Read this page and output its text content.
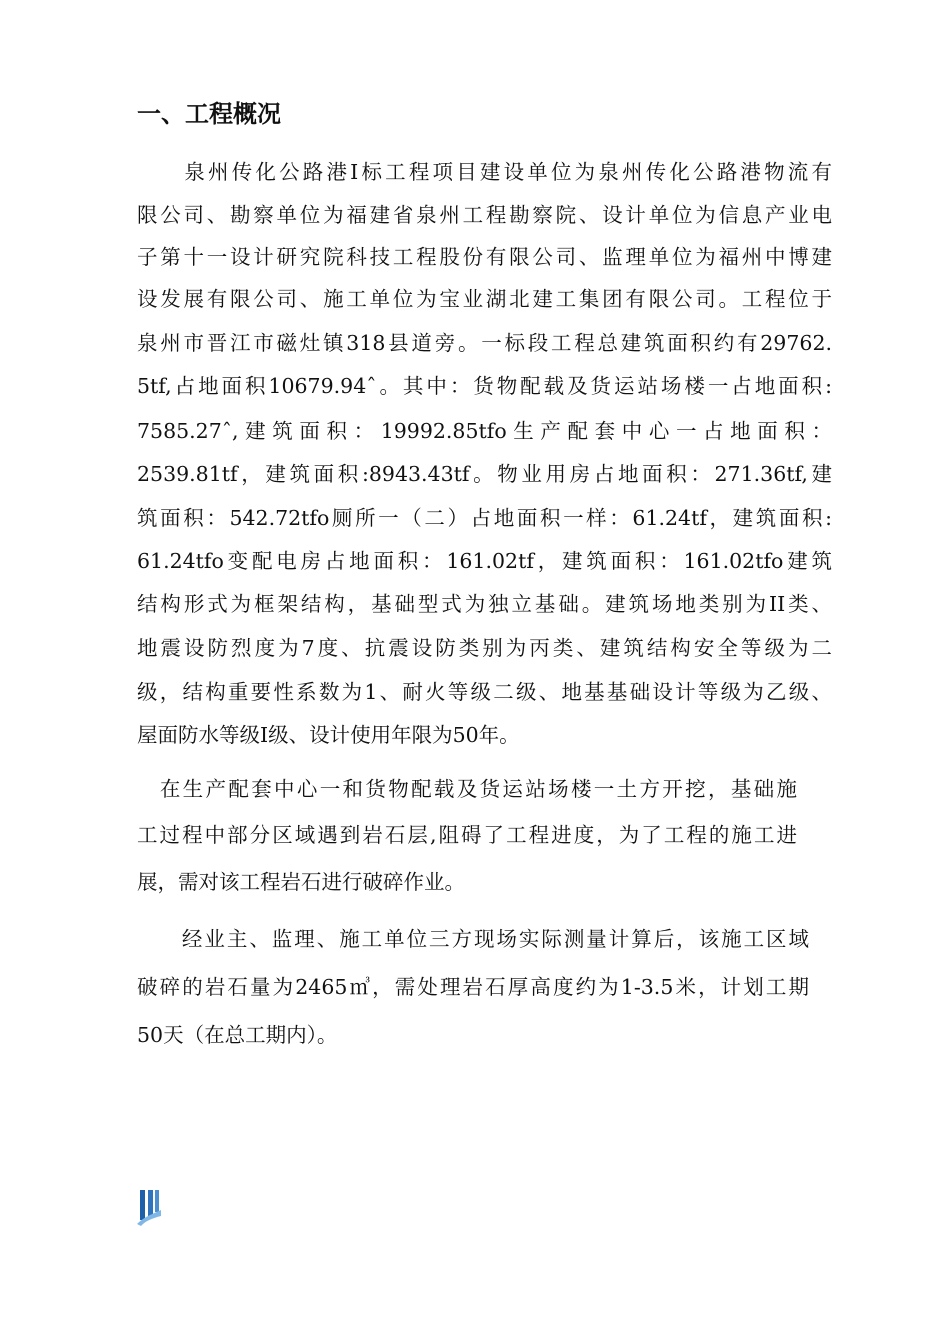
一、工程概况
　　泉州传化公路港Ⅰ标工程项目建设单位为泉州传化公路港物流有
限公司、勘察单位为福建省泉州工程勘察院、设计单位为信息产业电
子第十一设计研究院科技工程股份有限公司、监理单位为福州中博建
设发展有限公司、施工单位为宝业湖北建工集团有限公司。工程位于
泉州市晋江市磁灶镇318县道旁。一标段工程总建筑面积约有29762.
5tf,占地面积10679.94ˆ。其中：货物配载及货运站场楼一占地面积:
7585.27ˆ,建筑面积：19992.85tfo生产配套中心一占地面积：
2539.81tf，建筑面积:8943.43tf。物业用房占地面积：271.36tf,建
筑面积：542.72tfo厕所一（二）占地面积一样：61.24tf，建筑面积:
61.24tfo变配电房占地面积：161.02tf，建筑面积：161.02tfo建筑
结构形式为框架结构，基础型式为独立基础。建筑场地类别为II类、
地震设防烈度为7度、抗震设防类别为丙类、建筑结构安全等级为二
级，结构重要性系数为1、耐火等级二级、地基基础设计等级为乙级、
屋面防水等级Ⅰ级、设计使用年限为50年。
　在生产配套中心一和货物配载及货运站场楼一土方开挖，基础施
工过程中部分区域遇到岩石层,阻碍了工程进度，为了工程的施工进
展，需对该工程岩石进行破碎作业。
　　经业主、监理、施工单位三方现场实际测量计算后，该施工区域
破碎的岩石量为2465㎥，需处理岩石厚高度约为1-3.5米，计划工期
50天（在总工期内）。
